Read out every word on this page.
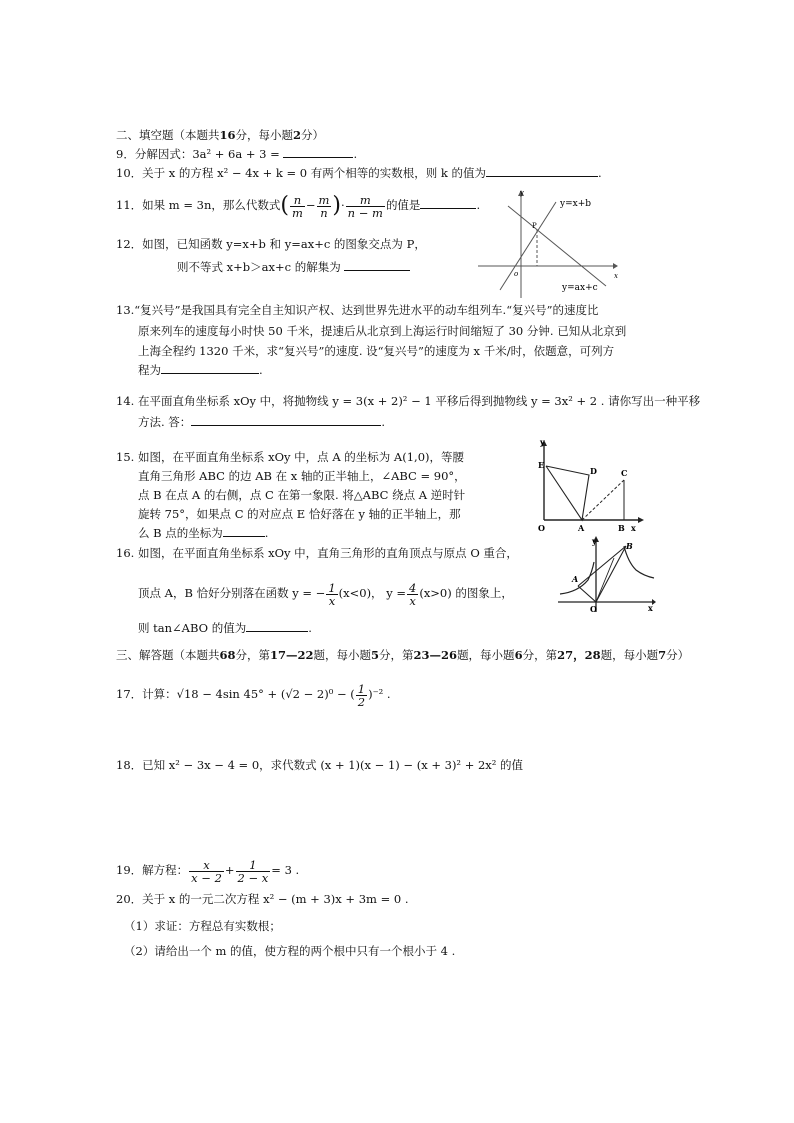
二、填空题（本题共16分，每小题2分）
9．分解因式：3a² + 6a + 3 =	.
10．关于 x 的方程 x² − 4x + k = 0 有两个相等的实数根，则 k 的值为	.
11．如果 m = 3n，那么代数式( $\frac{n}{m} - \frac{m}{n}$ )· $\frac{m}{n - m}$ 的值是	.
12．如图，已知函数 y=x+b 和 y=ax+c 的图象交点为 P，
则不等式 x+b＞ax+c 的解集为
y
x
o
P
y=x+b
y=ax+c
13.“复兴号”是我国具有完全自主知识产权、达到世界先进水平的动车组列车.“复兴号”的速度比
原来列车的速度每小时快 50 千米，提速后从北京到上海运行时间缩短了 30 分钟. 已知从北京到
上海全程约 1320 千米，求“复兴号”的速度. 设“复兴号”的速度为 x 千米/时，依题意，可列方
程为	.
14. 在平面直角坐标系 xOy 中，将抛物线 y = 3(x + 2)² − 1 平移后得到抛物线 y = 3x² + 2 . 请你写出一种平移
方法. 答：	.
15. 如图，在平面直角坐标系 xOy 中，点 A 的坐标为 A(1,0)，等腰
直角三角形 ABC 的边 AB 在 x 轴的正半轴上，∠ABC = 90°，
点 B 在点 A 的右侧，点 C 在第一象限. 将△ABC 绕点 A 逆时针
旋转 75°，如果点 C 的对应点 E 恰好落在 y 轴的正半轴上，那
么 B 点的坐标为	.
y
x
E
D	C
O	A	B
16. 如图，在平面直角坐标系 xOy 中，直角三角形的直角顶点与原点 O 重合，
顶点 A，B 恰好分别落在函数 y = − $\frac{1}{x} (x<0)$， $y = \frac{4}{x} (x>0)$ 的图象上，
则 tan∠ABO 的值为	.
y
x
A
B
O
三、解答题（本题共68分，第17—22题，每小题5分，第23—26题，每小题6分，第27，28题，每小题7分）
17．计算：√18 − 4sin 45° + (√2 − 2)⁰ − ( $\frac{1}{2} )^{-2}$ .
18．已知 x² − 3x − 4 = 0，求代数式 (x + 1)(x − 1) − (x + 3)² + 2x² 的值
19．解方程： $\frac{x}{x - 2} + \frac{1}{2 - x} = 3$ .
20．关于 x 的一元二次方程 x² − (m + 3)x + 3m = 0 .
（1）求证：方程总有实数根；
（2）请给出一个 m 的值，使方程的两个根中只有一个根小于 4 .
